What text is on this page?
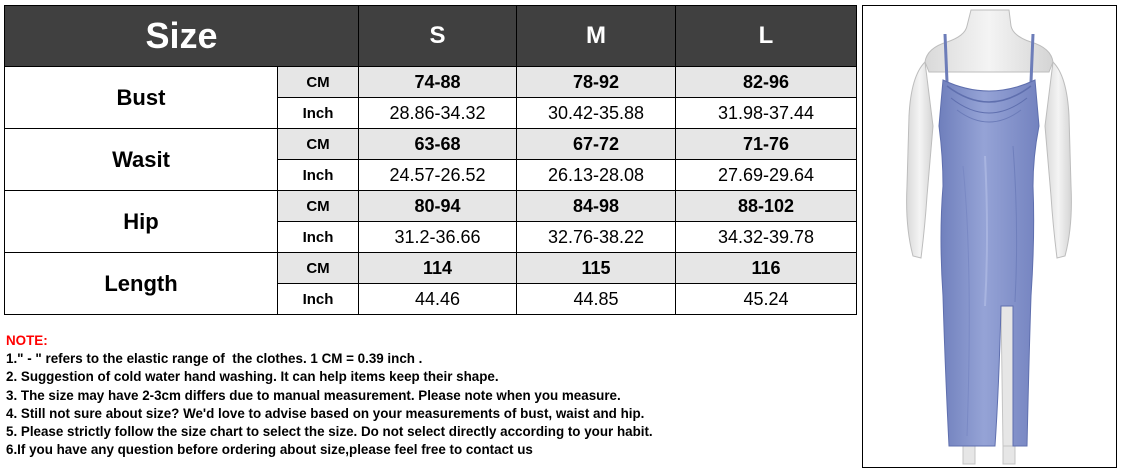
Size		S	M	L
Bust	CM	74-88	78-92	82-96
	Inch	28.86-34.32	30.42-35.88	31.98-37.44
Wasit	CM	63-68	67-72	71-76
	Inch	24.57-26.52	26.13-28.08	27.69-29.64
Hip	CM	80-94	84-98	88-102
	Inch	31.2-36.66	32.76-38.22	34.32-39.78
Length	CM	114	115	116
	Inch	44.46	44.85	45.24
NOTE:
1." - " refers to the elastic range of  the clothes. 1 CM = 0.39 inch .
2. Suggestion of cold water hand washing. It can help items keep their shape.
3. The size may have 2-3cm differs due to manual measurement. Please note when you measure.
4. Still not sure about size? We'd love to advise based on your measurements of bust, waist and hip.
5. Please strictly follow the size chart to select the size. Do not select directly according to your habit.
6.If you have any question before ordering about size,please feel free to contact us
